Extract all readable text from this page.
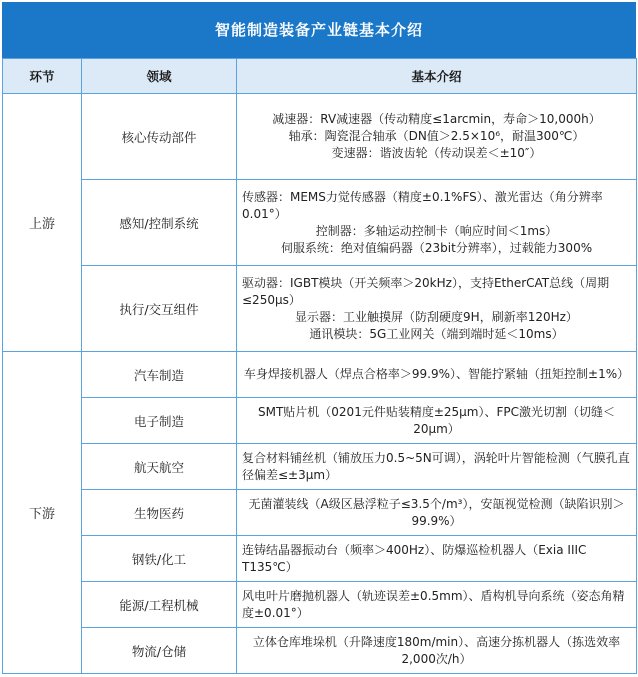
智能制造装备产业链基本介绍
环节	领域	基本介绍
上游	核心传动部件	减速器：RV减速器（传动精度≤1arcmin，寿命＞10,000h）
轴承：陶瓷混合轴承（DN值＞2.5×10⁶，耐温300℃）
变速器：谐波齿轮（传动误差＜±10″）

	感知/控制系统	传感器：MEMS力觉传感器（精度±0.1%FS）、激光雷达（角分辨率0.01°）
控制器：多轴运动控制卡（响应时间＜1ms）
伺服系统：绝对值编码器（23bit分辨率），过载能力300%

	执行/交互组件	驱动器：IGBT模块（开关频率＞20kHz），支持EtherCAT总线（周期≤250μs）
显示器：工业触摸屏（防刮硬度9H，刷新率120Hz）
通讯模块：5G工业网关（端到端时延＜10ms）

下游	汽车制造	车身焊接机器人（焊点合格率＞99.9%）、智能拧紧轴（扭矩控制±1%）

	电子制造	SMT贴片机（0201元件贴装精度±25μm）、FPC激光切割（切缝＜20μm）

	航天航空	复合材料铺丝机（铺放压力0.5~5N可调），涡轮叶片智能检测（气膜孔直径偏差≤±3μm）

	生物医药	无菌灌装线（A级区悬浮粒子≤3.5个/m³），安瓿视觉检测（缺陷识别＞99.9%）

	钢铁/化工	连铸结晶器振动台（频率＞400Hz）、防爆巡检机器人（Exia IIIC T135℃）

	能源/工程机械	风电叶片磨抛机器人（轨迹误差±0.5mm）、盾构机导向系统（姿态角精度±0.01°）

	物流/仓储	立体仓库堆垛机（升降速度180m/min）、高速分拣机器人（拣选效率2,000次/h）
